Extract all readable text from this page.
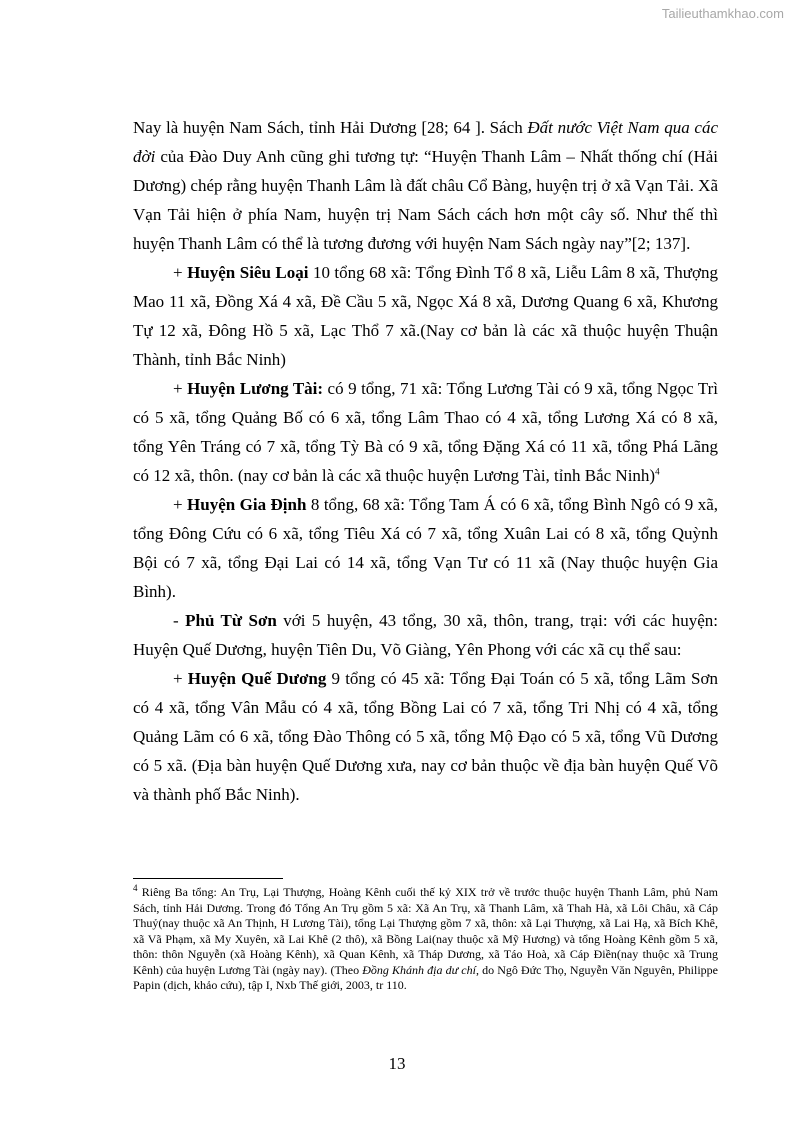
Tailieuthamkhao.com

Nay là huyện Nam Sách, tỉnh Hải Dương [28; 64 ]. Sách Đất nước Việt Nam qua các đời của Đào Duy Anh cũng ghi tương tự: “Huyện Thanh Lâm – Nhất thống chí (Hải Dương) chép rằng huyện Thanh Lâm là đất châu Cổ Bàng, huyện trị ở xã Vạn Tải. Xã Vạn Tải hiện ở phía Nam, huyện trị Nam Sách cách hơn một cây số. Như thế thì huyện Thanh Lâm có thể là tương đương với huyện Nam Sách ngày nay”[2; 137].

+ Huyện Siêu Loại 10 tổng 68 xã: Tổng Đình Tổ 8 xã, Liễu Lâm 8 xã, Thượng Mao 11 xã, Đồng Xá 4 xã, Đề Cầu 5 xã, Ngọc Xá 8 xã, Dương Quang 6 xã, Khương Tự 12 xã, Đông Hồ 5 xã, Lạc Thổ 7 xã.(Nay cơ bản là các xã thuộc huyện Thuận Thành, tỉnh Bắc Ninh)

+ Huyện Lương Tài: có 9 tổng, 71 xã: Tổng Lương Tài có 9 xã, tổng Ngọc Trì có 5 xã, tổng Quảng Bố có 6 xã, tổng Lâm Thao có 4 xã, tổng Lương Xá có 8 xã, tổng Yên Tráng có 7 xã, tổng Tỳ Bà có 9 xã, tổng Đặng Xá có 11 xã, tổng Phá Lãng có 12 xã, thôn. (nay cơ bản là các xã thuộc huyện Lương Tài, tỉnh Bắc Ninh)$^4$

+ Huyện Gia Định 8 tổng, 68 xã: Tổng Tam Á có 6 xã, tổng Bình Ngô có 9 xã, tổng Đông Cứu có 6 xã, tổng Tiêu Xá có 7 xã, tổng Xuân Lai có 8 xã, tổng Quỳnh Bội có 7 xã, tổng Đại Lai có 14 xã, tổng Vạn Tư có 11 xã (Nay thuộc huyện Gia Bình).

- Phủ Từ Sơn với 5 huyện, 43 tổng, 30 xã, thôn, trang, trại: với các huyện: Huyện Quế Dương, huyện Tiên Du, Võ Giàng, Yên Phong với các xã cụ thể sau:

+ Huyện Quế Dương 9 tổng có 45 xã: Tổng Đại Toán có 5 xã, tổng Lãm Sơn có 4 xã, tổng Vân Mẫu có 4 xã, tổng Bồng Lai có 7 xã, tổng Tri Nhị có 4 xã, tổng Quảng Lãm có 6 xã, tổng Đào Thông có 5 xã, tổng Mộ Đạo có 5 xã, tổng Vũ Dương có 5 xã. (Địa bàn huyện Quế Dương xưa, nay cơ bản thuộc về địa bàn huyện Quế Võ và thành phố Bắc Ninh).

$^4$ Riêng Ba tổng: An Trụ, Lại Thượng, Hoàng Kênh cuối thế kỷ XIX trở về trước thuộc huyện Thanh Lâm, phủ Nam Sách, tỉnh Hải Dương. Trong đó Tổng An Trụ gồm 5 xã: Xã An Trụ, xã Thanh Lâm, xã Thah Hà, xã Lôi Châu, xã Cáp Thuỷ(nay thuộc xã An Thịnh, H Lương Tài), tổng Lại Thượng gồm 7 xã, thôn: xã Lại Thượng, xã Lai Hạ, xã Bích Khê, xã Vã Phạm, xã My Xuyên, xã Lai Khê (2 thô), xã Bồng Lai(nay thuộc xã Mỹ Hương) và tổng Hoàng Kênh gồm 5 xã, thôn: thôn Nguyễn (xã Hoàng Kênh), xã Quan Kênh, xã Tháp Dương, xã Táo Hoà, xã Cáp Điền(nay thuộc xã Trung Kênh) của huyện Lương Tài (ngày nay). (Theo Đồng Khánh địa dư chí, do Ngô Đức Thọ, Nguyễn Văn Nguyên, Philippe Papin (dịch, khảo cứu), tập I, Nxb Thế giới, 2003, tr 110.
13
